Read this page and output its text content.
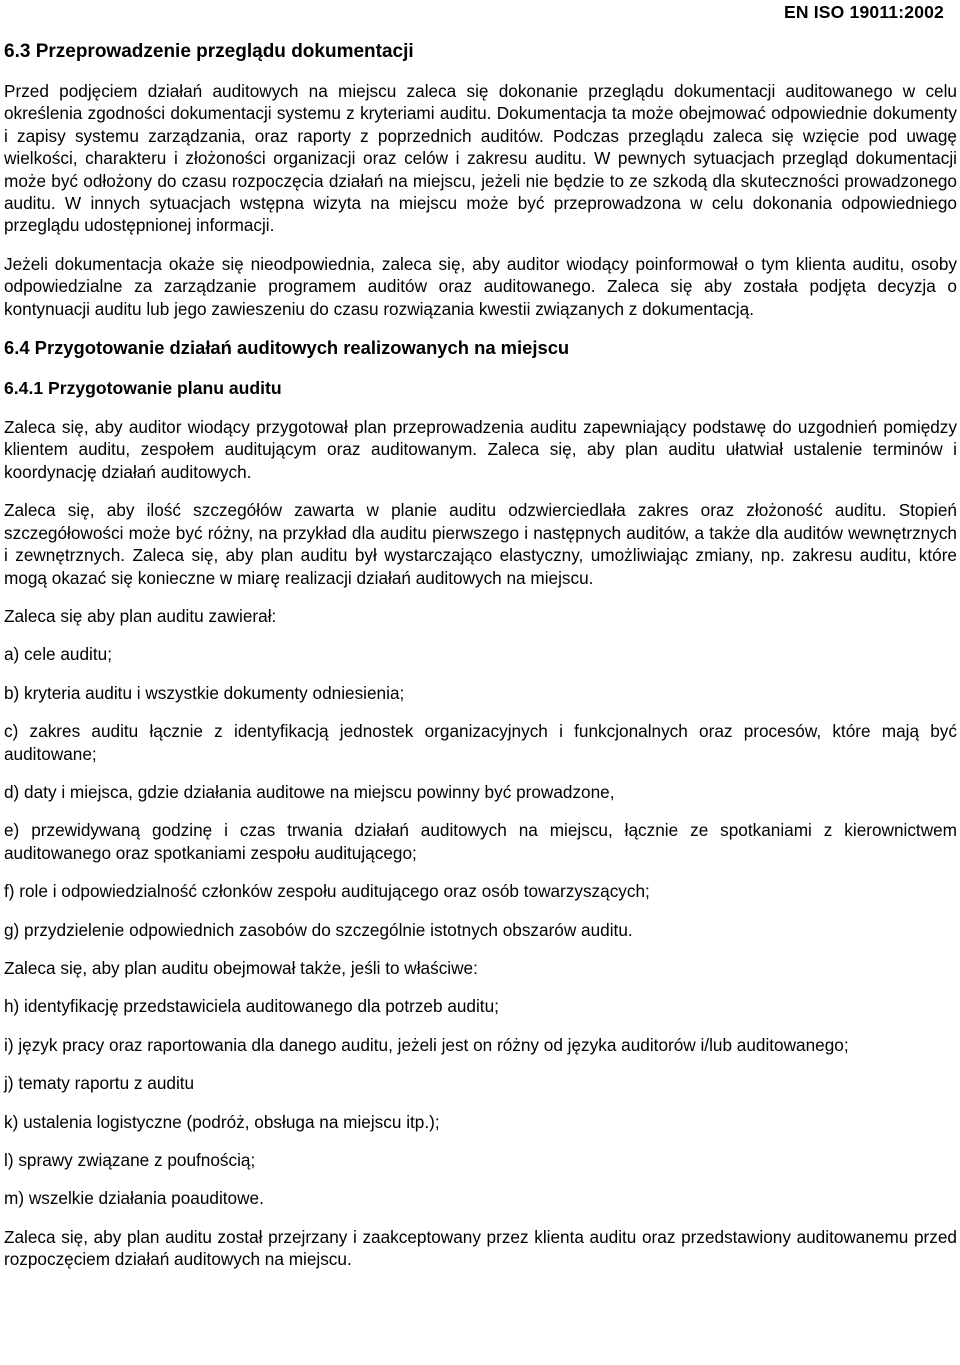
EN ISO 19011:2002
6.3 Przeprowadzenie przeglądu dokumentacji

Przed podjęciem działań auditowych na miejscu zaleca się dokonanie przeglądu dokumentacji auditowanego w celu określenia zgodności dokumentacji systemu z kryteriami auditu. Dokumentacja ta może obejmować odpowiednie dokumenty i zapisy systemu zarządzania, oraz raporty z poprzednich auditów. Podczas przeglądu zaleca się wzięcie pod uwagę wielkości, charakteru i złożoności organizacji oraz celów i zakresu auditu. W pewnych sytuacjach przegląd dokumentacji może być odłożony do czasu rozpoczęcia działań na miejscu, jeżeli nie będzie to ze szkodą dla skuteczności prowadzonego auditu. W innych sytuacjach wstępna wizyta na miejscu może być przeprowadzona w celu dokonania odpowiedniego przeglądu udostępnionej informacji.

Jeżeli dokumentacja okaże się nieodpowiednia, zaleca się, aby auditor wiodący poinformował o tym klienta auditu, osoby odpowiedzialne za zarządzanie programem auditów oraz auditowanego. Zaleca się aby została podjęta decyzja o kontynuacji auditu lub jego zawieszeniu do czasu rozwiązania kwestii związanych z dokumentacją.

6.4 Przygotowanie działań auditowych realizowanych na miejscu
6.4.1 Przygotowanie planu auditu

Zaleca się, aby auditor wiodący przygotował plan przeprowadzenia auditu zapewniający podstawę do uzgodnień pomiędzy klientem auditu, zespołem auditującym oraz auditowanym. Zaleca się, aby plan auditu ułatwiał ustalenie terminów i koordynację działań auditowych.

Zaleca się, aby ilość szczegółów zawarta w planie auditu odzwierciedlała zakres oraz złożoność auditu. Stopień szczegółowości może być różny, na przykład dla auditu pierwszego i następnych auditów, a także dla auditów wewnętrznych i zewnętrznych. Zaleca się, aby plan auditu był wystarczająco elastyczny, umożliwiając zmiany, np. zakresu auditu, które mogą okazać się konieczne w miarę realizacji działań auditowych na miejscu.

Zaleca się aby plan auditu zawierał:

a) cele auditu;

b) kryteria auditu i wszystkie dokumenty odniesienia;

c) zakres auditu łącznie z identyfikacją jednostek organizacyjnych i funkcjonalnych oraz procesów, które mają być auditowane;

d) daty i miejsca, gdzie działania auditowe na miejscu powinny być prowadzone,

e) przewidywaną godzinę i czas trwania działań auditowych na miejscu, łącznie ze spotkaniami z kierownictwem auditowanego oraz spotkaniami zespołu auditującego;

f) role i odpowiedzialność członków zespołu auditującego oraz osób towarzyszących;

g) przydzielenie odpowiednich zasobów do szczególnie istotnych obszarów auditu.

Zaleca się, aby plan auditu obejmował także, jeśli to właściwe:

h) identyfikację przedstawiciela auditowanego dla potrzeb auditu;

i) język pracy oraz raportowania dla danego auditu, jeżeli jest on różny od języka auditorów i/lub auditowanego;

j) tematy raportu z auditu

k) ustalenia logistyczne (podróż, obsługa na miejscu itp.);

l) sprawy związane z poufnością;

m) wszelkie działania poauditowe.

Zaleca się, aby plan auditu został przejrzany i zaakceptowany przez klienta auditu oraz przedstawiony auditowanemu przed rozpoczęciem działań auditowych na miejscu.
